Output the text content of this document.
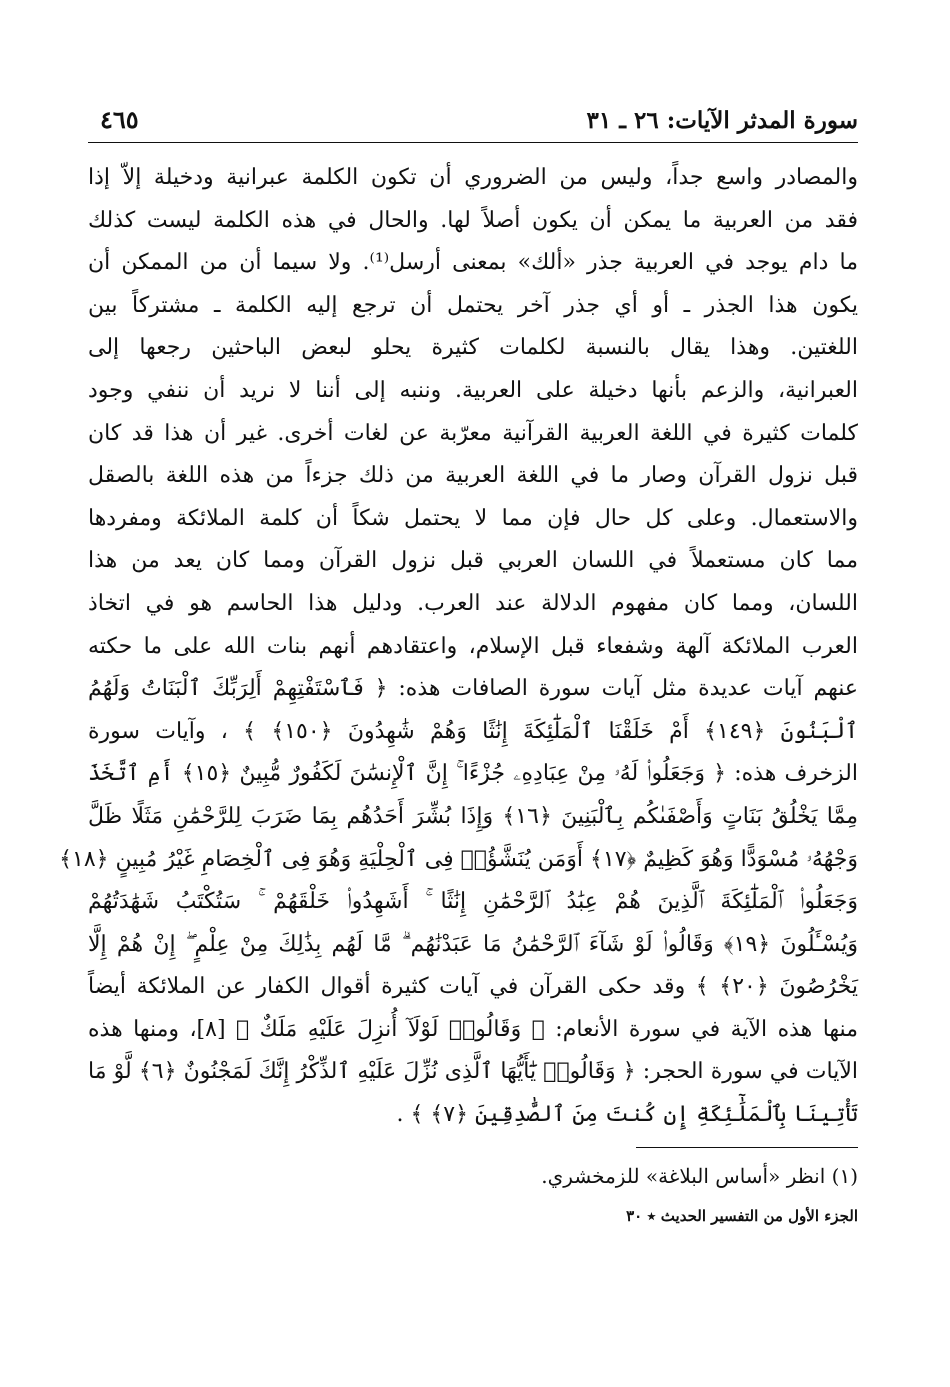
سورة المدثر الآيات: ٢٦ ـ ٣١
٤٦٥
والمصادر واسع جداً، وليس من الضروري أن تكون الكلمة عبرانية ودخيلة إلاّ إذا
فقد من العربية ما يمكن أن يكون أصلاً لها. والحال في هذه الكلمة ليست كذلك
ما دام يوجد في العربية جذر «ألك» بمعنى أرسل⁽¹⁾. ولا سيما أن من الممكن أن
يكون هذا الجذر ـ أو أي جذر آخر يحتمل أن ترجع إليه الكلمة ـ مشتركاً بين
اللغتين. وهذا يقال بالنسبة لكلمات كثيرة يحلو لبعض الباحثين رجعها إلى
العبرانية، والزعم بأنها دخيلة على العربية. وننبه إلى أننا لا نريد أن ننفي وجود
كلمات كثيرة في اللغة العربية القرآنية معرّبة عن لغات أخرى. غير أن هذا قد كان
قبل نزول القرآن وصار ما في اللغة العربية من ذلك جزءاً من هذه اللغة بالصقل
والاستعمال. وعلى كل حال فإن مما لا يحتمل شكاً أن كلمة الملائكة ومفردها
مما كان مستعملاً في اللسان العربي قبل نزول القرآن ومما كان يعد من هذا
اللسان، ومما كان مفهوم الدلالة عند العرب. ودليل هذا الحاسم هو في اتخاذ
العرب الملائكة آلهة وشفعاء قبل الإسلام، واعتقادهم أنهم بنات الله على ما حكته
عنهم آيات عديدة مثل آيات سورة الصافات هذه: ﴿ فَٱسْتَفْتِهِمْ أَلِرَبِّكَ ٱلْبَنَاتُ وَلَهُمُ
ٱلْبَنُونَ ﴿١٤٩﴾ أَمْ خَلَقْنَا ٱلْمَلَٰٓئِكَةَ إِنَٰثًا وَهُمْ شَٰهِدُونَ ﴿١٥٠﴾ ﴾ ، وآيات سورة
الزخرف هذه: ﴿ وَجَعَلُوا۟ لَهُۥ مِنْ عِبَادِهِۦ جُزْءًا ۚ إِنَّ ٱلْإِنسَٰنَ لَكَفُورٌ مُّبِينٌ ﴿١٥﴾ أَمِ ٱتَّخَذَ
مِمَّا يَخْلُقُ بَنَاتٍ وَأَصْفَىٰكُم بِٱلْبَنِينَ ﴿١٦﴾ وَإِذَا بُشِّرَ أَحَدُهُم بِمَا ضَرَبَ لِلرَّحْمَٰنِ مَثَلًا ظَلَّ
وَجْهُهُۥ مُسْوَدًّا وَهُوَ كَظِيمٌ ﴿١٧﴾ أَوَمَن يُنَشَّؤُا۟ فِى ٱلْحِلْيَةِ وَهُوَ فِى ٱلْخِصَامِ غَيْرُ مُبِينٍ ﴿١٨﴾
وَجَعَلُوا۟ ٱلْمَلَٰٓئِكَةَ ٱلَّذِينَ هُمْ عِبَٰدُ ٱلرَّحْمَٰنِ إِنَٰثًا ۚ أَشَهِدُوا۟ خَلْقَهُمْ ۚ سَتُكْتَبُ شَهَٰدَتُهُمْ
وَيُسْـَٔلُونَ ﴿١٩﴾ وَقَالُوا۟ لَوْ شَآءَ ٱلرَّحْمَٰنُ مَا عَبَدْنَٰهُم ۗ مَّا لَهُم بِذَٰلِكَ مِنْ عِلْمٍ ۖ إِنْ هُمْ إِلَّا
يَخْرُصُونَ ﴿٢٠﴾ ﴾ وقد حكى القرآن في آيات كثيرة أقوال الكفار عن الملائكة أيضاً
منها هذه الآية في سورة الأنعام: ﴿ وَقَالُوا۟ لَوْلَآ أُنزِلَ عَلَيْهِ مَلَكٌ ﴾ [٨]، ومنها هذه
الآيات في سورة الحجر: ﴿ وَقَالُوا۟ يَٰٓأَيُّهَا ٱلَّذِى نُزِّلَ عَلَيْهِ ٱلذِّكْرُ إِنَّكَ لَمَجْنُونٌ ﴿٦﴾ لَّوْ مَا
تَأْتِينَا بِٱلْمَلَٰٓئِكَةِ إِن كُنتَ مِنَ ٱلصَّٰدِقِينَ ﴿٧﴾ ﴾ .
(١) انظر «أساس البلاغة» للزمخشري.
الجزء الأول من التفسير الحديث ٭ ٣٠
